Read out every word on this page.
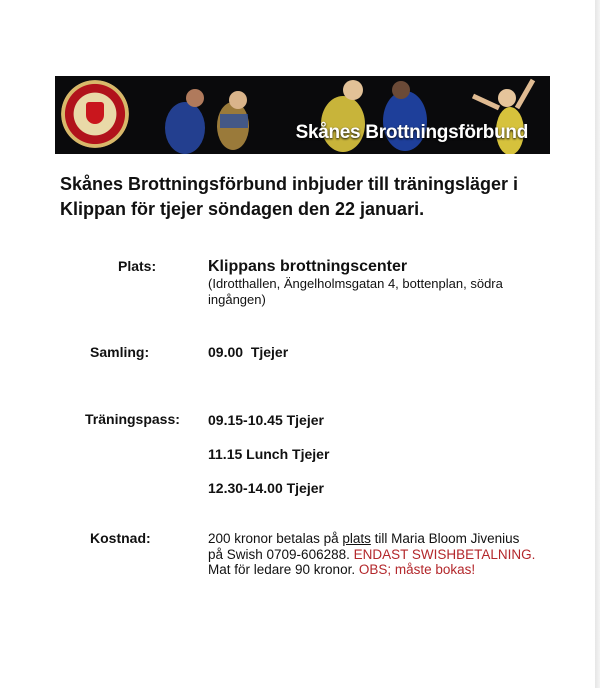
Skånes Brottningsförbund
Skånes Brottningsförbund inbjuder till träningsläger i Klippan för tjejer söndagen den 22 januari.
Plats:	Klippans brottningscenter
(Idrotthallen, Ängelholmsgatan 4, bottenplan, södra ingången)
Samling:	09.00  Tjejer
Träningspass: 09.15-10.45 Tjejer
11.15 Lunch Tjejer
12.30-14.00 Tjejer
Kostnad:	200 kronor betalas på plats till Maria Bloom Jivenius
på Swish 0709-606288. ENDAST SWISHBETALNING.
Mat för ledare 90 kronor. OBS; måste bokas!
